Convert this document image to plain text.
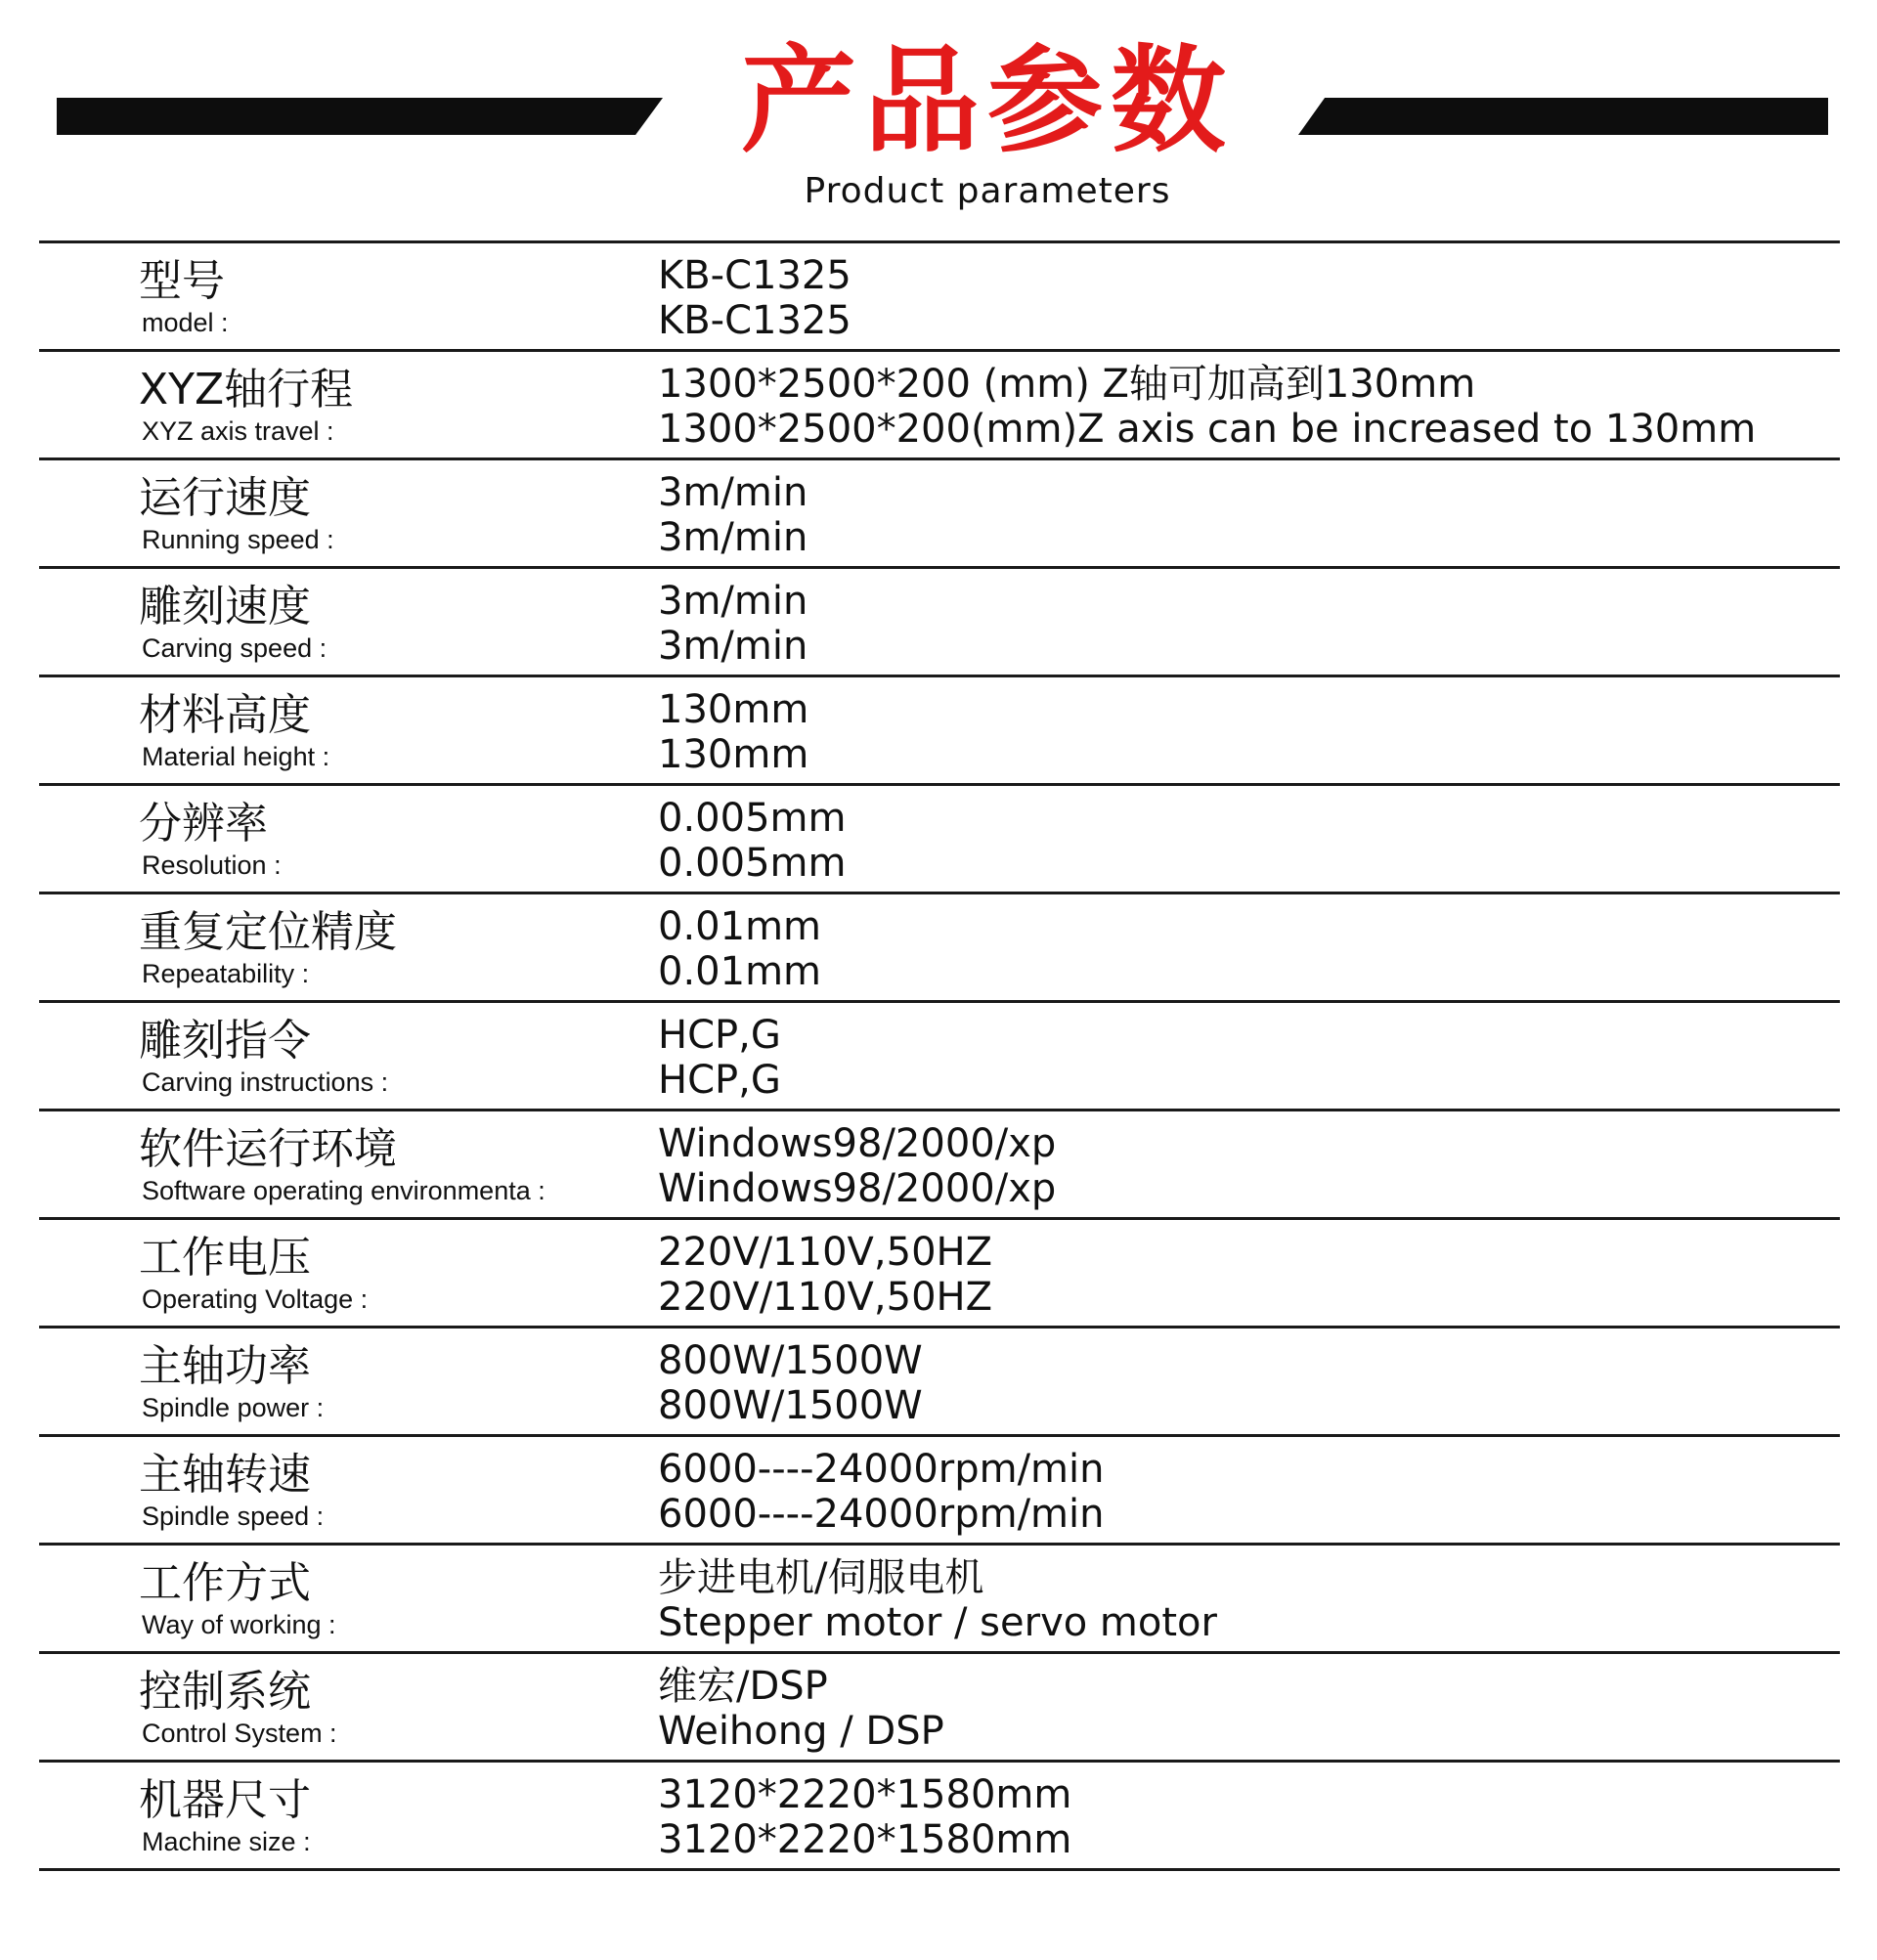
产品参数
Product parameters
型号
model :
KB-C1325
KB-C1325
XYZ轴行程
XYZ axis travel :
1300*2500*200 (mm) Z轴可加高到130mm
1300*2500*200(mm)Z axis can be increased to 130mm
运行速度
Running speed :
3m/min
3m/min
雕刻速度
Carving speed :
3m/min
3m/min
材料高度
Material height :
130mm
130mm
分辨率
Resolution :
0.005mm
0.005mm
重复定位精度
Repeatability :
0.01mm
0.01mm
雕刻指令
Carving instructions :
HCP,G
HCP,G
软件运行环境
Software operating environmenta :
Windows98/2000/xp
Windows98/2000/xp
工作电压
Operating Voltage :
220V/110V,50HZ
220V/110V,50HZ
主轴功率
Spindle power :
800W/1500W
800W/1500W
主轴转速
Spindle speed :
6000----24000rpm/min
6000----24000rpm/min
工作方式
Way of working :
步进电机/伺服电机
Stepper motor / servo motor
控制系统
Control System :
维宏/DSP
Weihong / DSP
机器尺寸
Machine size :
3120*2220*1580mm
3120*2220*1580mm
